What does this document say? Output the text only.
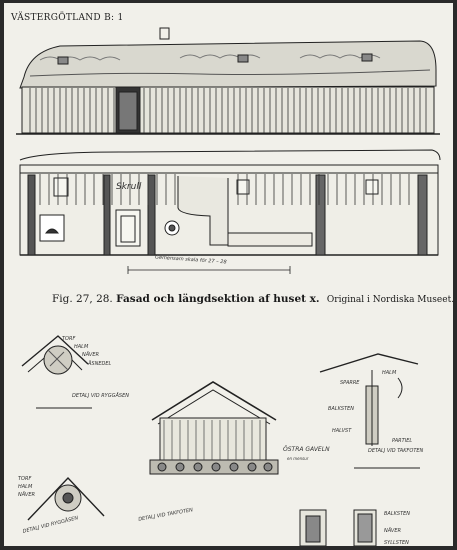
VÄSTERGÖTLAND B: 1
Skrull
Gemensam skala för 27 – 28
Fig. 27, 28. Fasad och längdsektion af huset x. Original i Nordiska Museet.
TORF
HALM
NÄVER
ÅSNEDEL
DETALJ VID RYGGÅSEN
ÖSTRA GAVELN
en mensur
SPARRE
HALM
BALKSTEN
HALVST
PARTIEL
DETALJ VID TAKFOTEN
TORF
HALM
NÄVER
DETALJ VID RYGGÅSEN
DETALJ VID TAKFOTEN	BALKSTEN
NÄVER
SYLLSTEN
